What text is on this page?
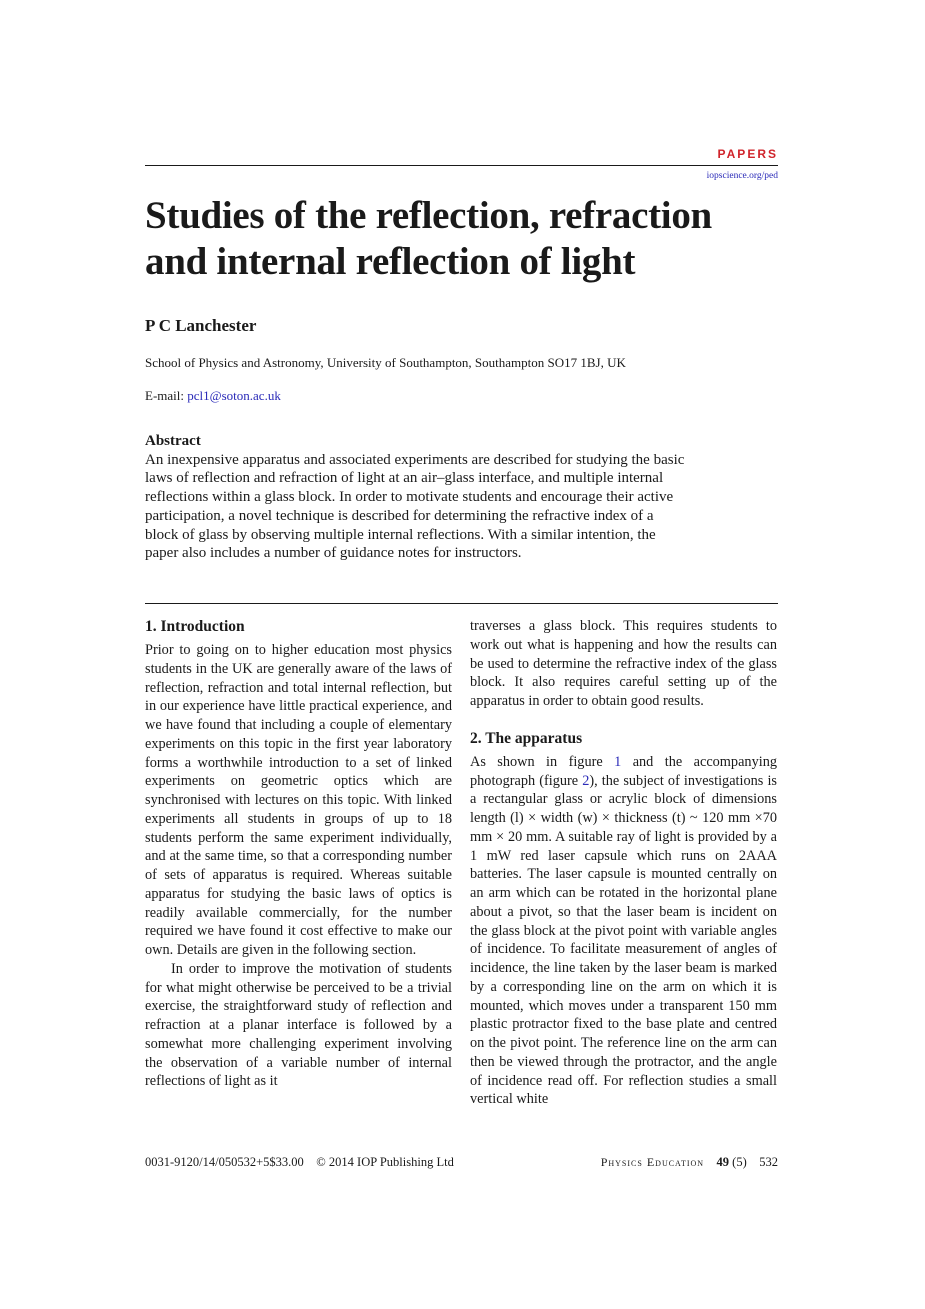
PAPERS
iopscience.org/ped
Studies of the reflection, refraction
and internal reflection of light
P C Lanchester
School of Physics and Astronomy, University of Southampton, Southampton SO17 1BJ, UK
E-mail: pcl1@soton.ac.uk
Abstract

An inexpensive apparatus and associated experiments are described for studying the basic laws of reflection and refraction of light at an air–glass interface, and multiple internal reflections within a glass block. In order to motivate students and encourage their active participation, a novel technique is described for determining the refractive index of a block of glass by observing multiple internal reflections. With a similar intention, the paper also includes a number of guidance notes for instructors.

1. Introduction

Prior to going on to higher education most physics students in the UK are generally aware of the laws of reflection, refraction and total internal reflection, but in our experience have little practical experience, and we have found that including a couple of elementary experiments on this topic in the first year laboratory forms a worthwhile introduction to a set of linked experiments on geometric optics which are synchronised with lectures on this topic. With linked experiments all students in groups of up to 18 students perform the same experiment individually, and at the same time, so that a corresponding number of sets of apparatus is required. Whereas suitable apparatus for studying the basic laws of optics is readily available commercially, for the number required we have found it cost effective to make our own. Details are given in the following section.

In order to improve the motivation of students for what might otherwise be perceived to be a trivial exercise, the straightforward study of reflection and refraction at a planar interface is followed by a somewhat more challenging experiment involving the observation of a variable number of internal reflections of light as it

traverses a glass block. This requires students to work out what is happening and how the results can be used to determine the refractive index of the glass block. It also requires careful setting up of the apparatus in order to obtain good results.

2. The apparatus

As shown in figure 1 and the accompanying photograph (figure 2), the subject of investigations is a rectangular glass or acrylic block of dimensions length (l) × width (w) × thickness (t) ~ 120 mm ×70 mm × 20 mm. A suitable ray of light is provided by a 1 mW red laser capsule which runs on 2AAA batteries. The laser capsule is mounted centrally on an arm which can be rotated in the horizontal plane about a pivot, so that the laser beam is incident on the glass block at the pivot point with variable angles of incidence. To facilitate measurement of angles of incidence, the line taken by the laser beam is marked by a corresponding line on the arm on which it is mounted, which moves under a transparent 150 mm plastic protractor fixed to the base plate and centred on the pivot point. The reference line on the arm can then be viewed through the protractor, and the angle of incidence read off. For reflection studies a small vertical white

0031-9120/14/050532+5$33.00 © 2014 IOP Publishing Ltd	Physics Education 49 (5) 532
